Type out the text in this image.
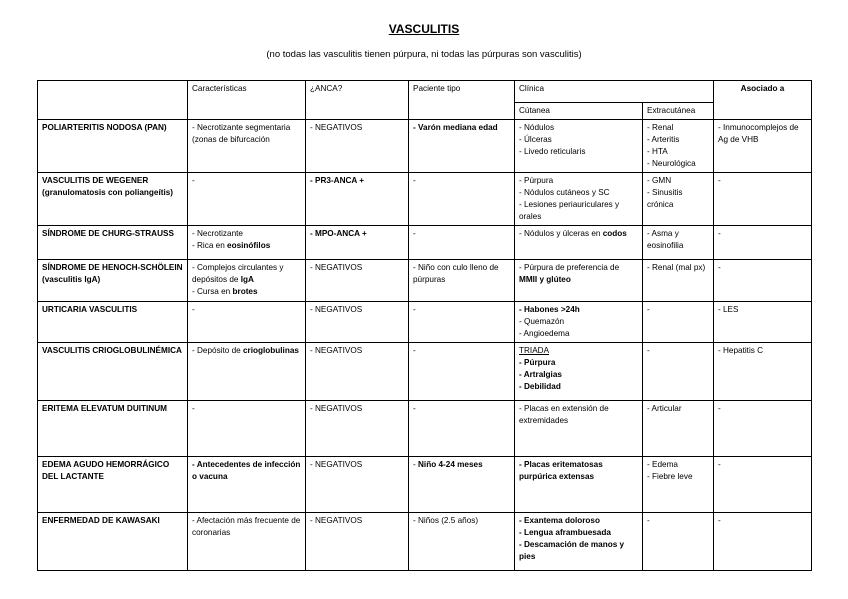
VASCULITIS
(no todas las vasculitis tienen púrpura, ni todas las púrpuras son vasculitis)
	Características	¿ANCA?	Paciente tipo	Clínica		Asociado a
				Cútanea	Extracutánea	
POLIARTERITIS NODOSA (PAN)	- Necrotizante segmentaria (zonas de bifurcación	- NEGATIVOS	- Varón mediana edad	- Nódulos
- Úlceras
- Livedo reticularis	- Renal
- Arteritis
- HTA
- Neurológica	- Inmunocomplejos de Ag de VHB

VASCULITIS DE WEGENER (granulomatosis con poliangeítis)	-	- PR3-ANCA +	-	- Púrpura
- Nódulos cutáneos y SC
- Lesiones periauriculares y orales	- GMN
- Sinusitis crónica	-

SÍNDROME DE CHURG-STRAUSS	- Necrotizante
- Rica en eosinófilos	- MPO-ANCA +	-	- Nódulos y úlceras en codos	- Asma y eosinofilia	-

SÍNDROME DE HENOCH-SCHÖLEIN (vasculitis IgA)	- Complejos circulantes y depósitos de IgA
- Cursa en brotes	- NEGATIVOS	- Niño con culo lleno de púrpuras	- Púrpura de preferencia de MMII y glúteo	- Renal (mal px)	-

URTICARIA VASCULITIS	-	- NEGATIVOS	-	- Habones >24h
- Quemazón
- Angioedema	-	- LES

VASCULITIS CRIOGLOBULINÉMICA	- Depósito de crioglobulinas	- NEGATIVOS	-	TRIADA
- Púrpura
- Artralgias
- Debilidad	-	- Hepatitis C

ERITEMA ELEVATUM DUITINUM	-	- NEGATIVOS	-	- Placas en extensión de extremidades	- Articular	-

EDEMA AGUDO HEMORRÁGICO DEL LACTANTE	- Antecedentes de infección o vacuna	- NEGATIVOS	- Niño 4-24 meses	- Placas eritematosas purpúrica extensas	- Edema
- Fiebre leve	-

ENFERMEDAD DE KAWASAKI	- Afectación más frecuente de coronarias	- NEGATIVOS	- Niños (2.5 años)	- Exantema doloroso
- Lengua aframbuesada
- Descamación de manos y pies	-	-
